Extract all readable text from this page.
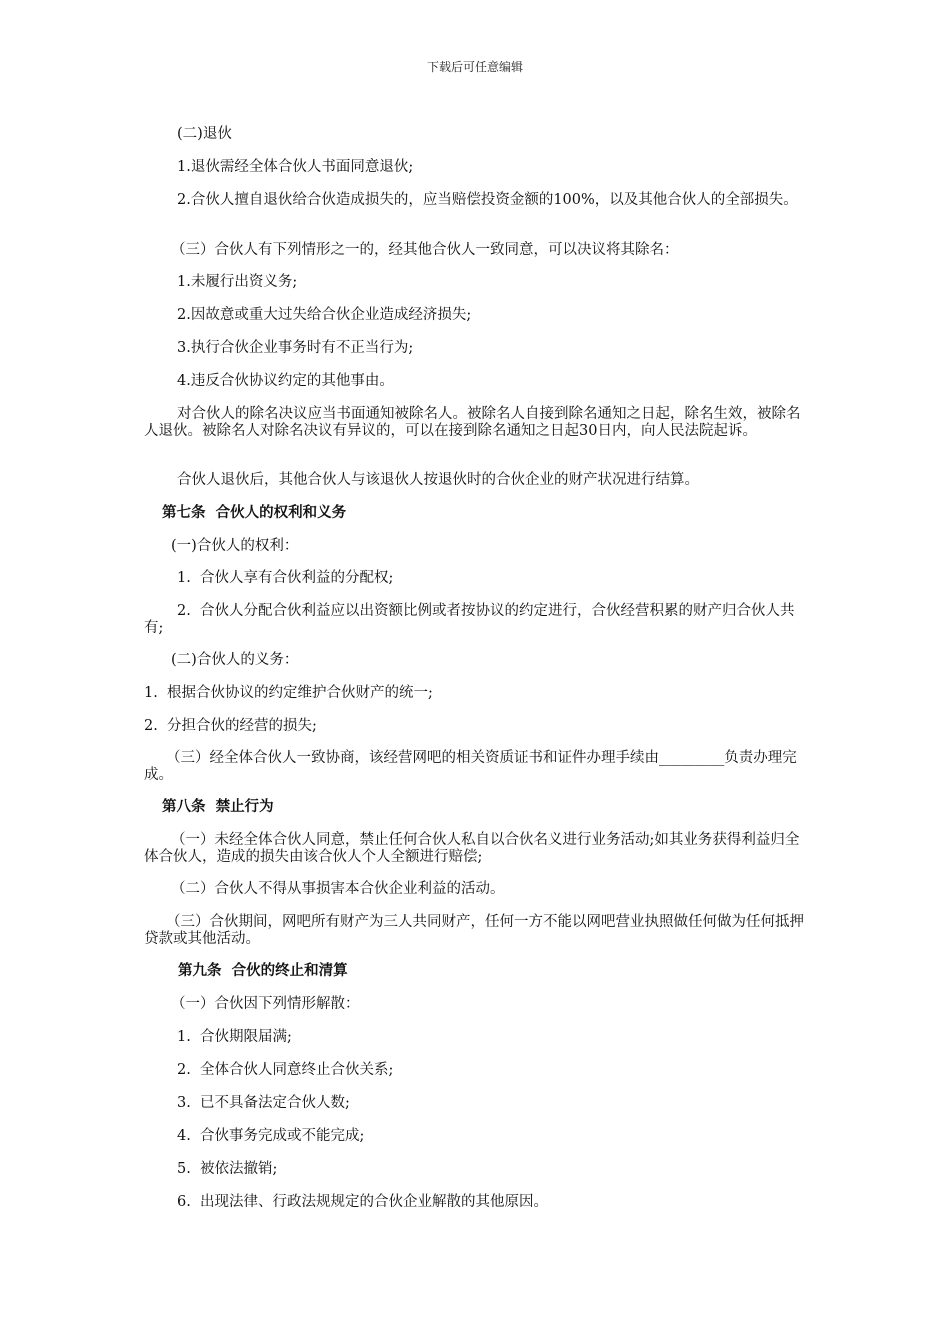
下载后可任意编辑
(二)退伙
1.退伙需经全体合伙人书面同意退伙;
2.合伙人擅自退伙给合伙造成损失的，应当赔偿投资金额的100%，以及其他合伙人的全部损失。
（三）合伙人有下列情形之一的，经其他合伙人一致同意，可以决议将其除名：
1.未履行出资义务;
2.因故意或重大过失给合伙企业造成经济损失;
3.执行合伙企业事务时有不正当行为;
4.违反合伙协议约定的其他事由。
对合伙人的除名决议应当书面通知被除名人。被除名人自接到除名通知之日起，除名生效，被除名人退伙。被除名人对除名决议有异议的，可以在接到除名通知之日起30日内，向人民法院起诉。
合伙人退伙后，其他合伙人与该退伙人按退伙时的合伙企业的财产状况进行结算。
第七条  合伙人的权利和义务
(一)合伙人的权利：
1.  合伙人享有合伙利益的分配权;
2.  合伙人分配合伙利益应以出资额比例或者按协议的约定进行，合伙经营积累的财产归合伙人共有;
(二)合伙人的义务：
1.  根据合伙协议的约定维护合伙财产的统一;
2.  分担合伙的经营的损失;
（三）经全体合伙人一致协商，该经营网吧的相关资质证书和证件办理手续由_________负责办理完成。
第八条  禁止行为
（一）未经全体合伙人同意，禁止任何合伙人私自以合伙名义进行业务活动;如其业务获得利益归全体合伙人，造成的损失由该合伙人个人全额进行赔偿;
（二）合伙人不得从事损害本合伙企业利益的活动。
（三）合伙期间，网吧所有财产为三人共同财产，任何一方不能以网吧营业执照做任何做为任何抵押贷款或其他活动。
第九条  合伙的终止和清算
（一）合伙因下列情形解散：
1.  合伙期限届满;
2.  全体合伙人同意终止合伙关系;
3.  已不具备法定合伙人数;
4.  合伙事务完成或不能完成;
5.  被依法撤销;
6.  出现法律、行政法规规定的合伙企业解散的其他原因。
